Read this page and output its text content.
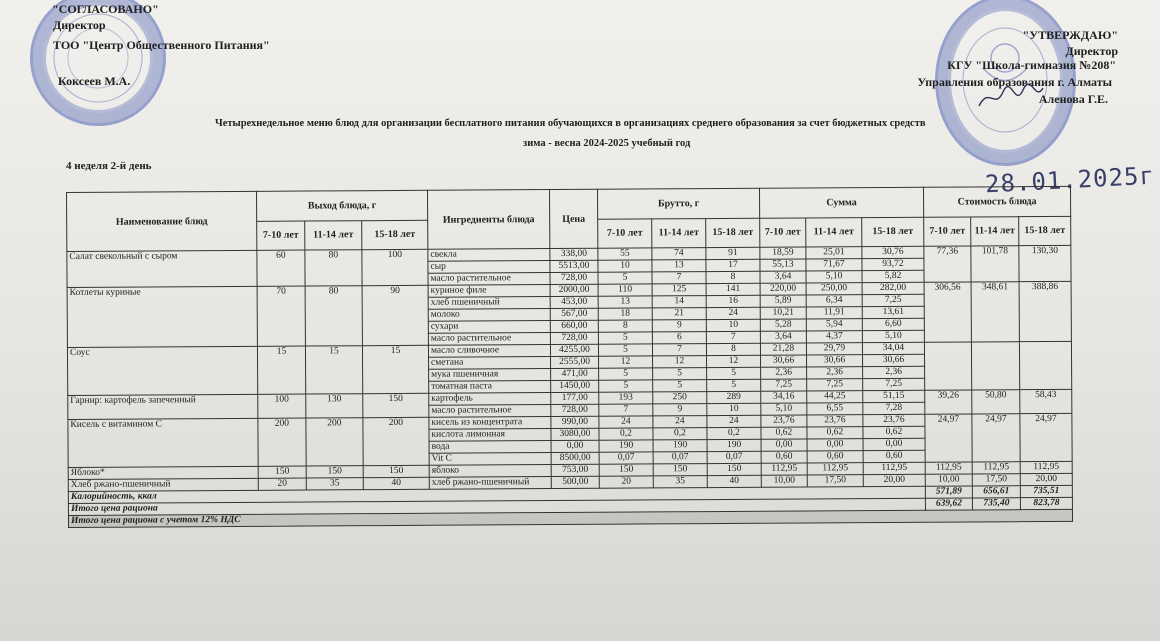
"СОГЛАСОВАНО"
Директор
ТОО "Центр Общественного Питания"
Коксеев М.А.
"УТВЕРЖДАЮ"
Директор
КГУ "Школа-гимназия №208"
Управления образования г. Алматы
Аленова Г.Е.
Четырехнедельное меню блюд для организации бесплатного питания обучающихся в организациях среднего образования за счет бюджетных средств
зима - весна 2024-2025 учебный год
4 неделя 2-й день	28.01.2025г
Наименование блюд	Выход блюда, г			Ингредиенты блюда	Цена	Брутто, г			Сумма			Стоимость блюда		
	7-10 лет	11-14 лет	15-18 лет			7-10 лет	11-14 лет	15-18 лет	7-10 лет	11-14 лет	15-18 лет	7-10 лет	11-14 лет	15-18 лет
Салат свекольный с сыром	60	80	100	свекла	338,00	55	74	91	18,59	25,01	30,76	77,36	101,78	130,30
				сыр	5513,00	10	13	17	55,13	71,67	93,72			
				масло растительное	728,00	5	7	8	3,64	5,10	5,82			
Котлеты куриные	70	80	90	куриное филе	2000,00	110	125	141	220,00	250,00	282,00	306,56	348,61	388,86
				хлеб пшеничный	453,00	13	14	16	5,89	6,34	7,25			
				молоко	567,00	18	21	24	10,21	11,91	13,61			
				сухари	660,00	8	9	10	5,28	5,94	6,60			
				масло растительное	728,00	5	6	7	3,64	4,37	5,10			
Соус	15	15	15	масло сливочное	4255,00	5	7	8	21,28	29,79	34,04			
				сметана	2555,00	12	12	12	30,66	30,66	30,66			
				мука пшеничная	471,00	5	5	5	2,36	2,36	2,36			
				томатная паста	1450,00	5	5	5	7,25	7,25	7,25			
Гарнир: картофель запеченный	100	130	150	картофель	177,00	193	250	289	34,16	44,25	51,15	39,26	50,80	58,43
				масло растительное	728,00	7	9	10	5,10	6,55	7,28			
Кисель с витамином С	200	200	200	кисель из концентрата	990,00	24	24	24	23,76	23,76	23,76	24,97	24,97	24,97
				кислота лимонная	3080,00	0,2	0,2	0,2	0,62	0,62	0,62			
				вода	0,00	190	190	190	0,00	0,00	0,00			
				Vit C	8500,00	0,07	0,07	0,07	0,60	0,60	0,60			
Яблоко*	150	150	150	яблоко	753,00	150	150	150	112,95	112,95	112,95	112,95	112,95	112,95
Хлеб ржано-пшеничный	20	35	40	хлеб ржано-пшеничный	500,00	20	35	40	10,00	17,50	20,00	10,00	17,50	20,00
Калорийность, ккал												571,89	656,61	735,51
Итого цена рациона												639,62	735,40	823,78
Итого цена рациона с учетом 12% НДС														
